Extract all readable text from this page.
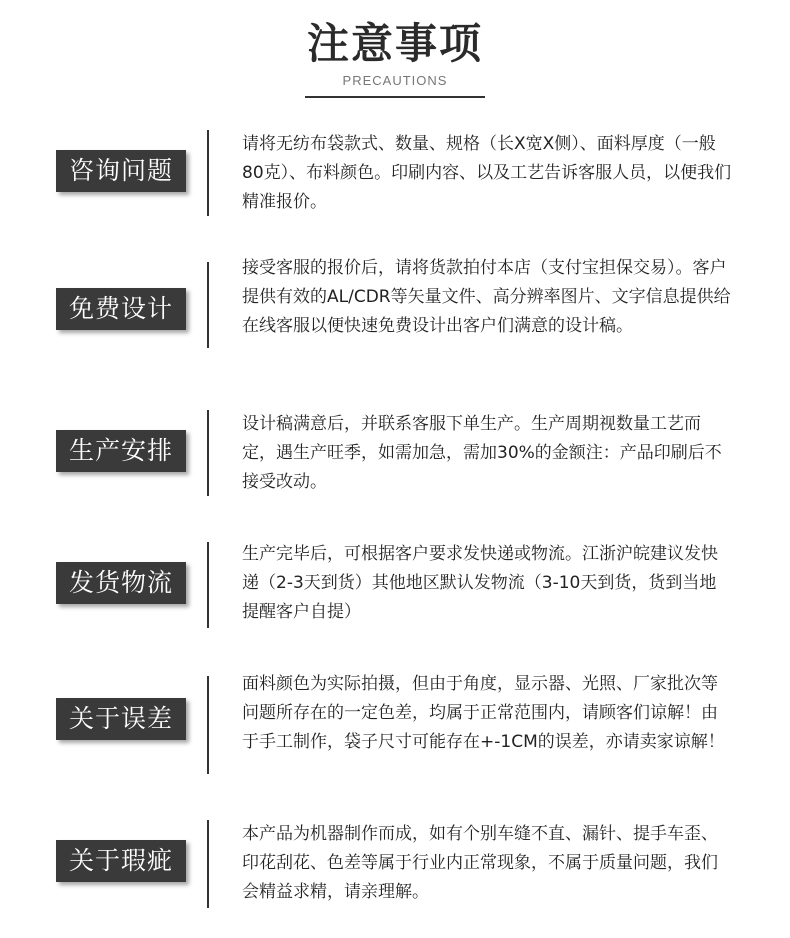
注意事项
PRECAUTIONS
咨询问题

请将无纺布袋款式、数量、规格（长X宽X侧）、面料厚度（一般80克）、布料颜色。印刷内容、以及工艺告诉客服人员，以便我们精准报价。

免费设计

接受客服的报价后，请将货款拍付本店（支付宝担保交易）。客户提供有效的AL/CDR等矢量文件、高分辨率图片、文字信息提供给在线客服以便快速免费设计出客户们满意的设计稿。

生产安排

设计稿满意后，并联系客服下单生产。生产周期视数量工艺而定，遇生产旺季，如需加急，需加30%的金额注：产品印刷后不接受改动。

发货物流

生产完毕后，可根据客户要求发快递或物流。江浙沪皖建议发快递（2-3天到货）其他地区默认发物流（3-10天到货，货到当地提醒客户自提）

关于误差

面料颜色为实际拍摄，但由于角度，显示器、光照、厂家批次等问题所存在的一定色差，均属于正常范围内，请顾客们谅解！由于手工制作，袋子尺寸可能存在+-1CM的误差，亦请卖家谅解！

关于瑕疵

本产品为机器制作而成，如有个别车缝不直、漏针、提手车歪、印花刮花、色差等属于行业内正常现象，不属于质量问题，我们会精益求精，请亲理解。
